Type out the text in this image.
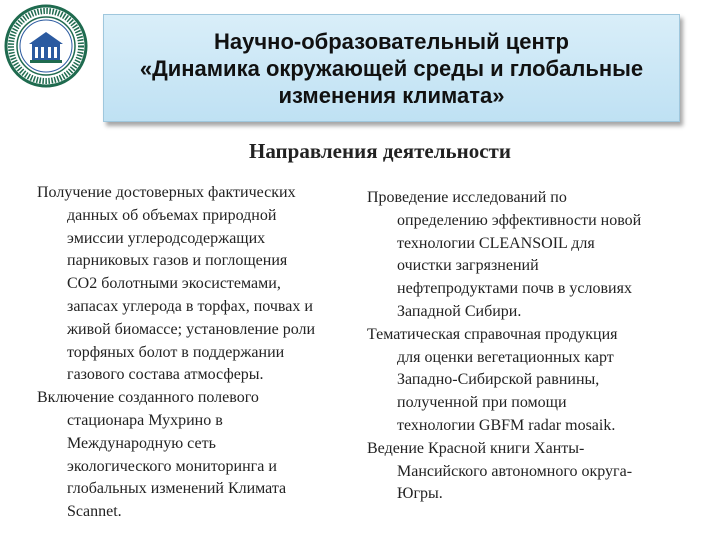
Научно-образовательный центр
«Динамика окружающей среды и глобальные
изменения климата»
Направления деятельности

Получение достоверных фактических
данных об объемах природной
эмиссии углеродсодержащих
парниковых газов и поглощения
СО2 болотными экосистемами,
запасах углерода в торфах, почвах и
живой биомассе; установление роли
торфяных болот в поддержании
газового состава атмосферы.

Включение созданного полевого
стационара Мухрино в
Международную сеть
экологического мониторинга и
глобальных изменений Климата
Scannet.

Проведение исследований по
определению эффективности новой
технологии CLEANSOIL для
очистки загрязнений
нефтепродуктами почв в условиях
Западной Сибири.

Тематическая справочная продукция
для оценки вегетационных карт
Западно-Сибирской равнины,
полученной при помощи
технологии GBFM radar mosaik.

Ведение Красной книги Ханты-
Мансийского автономного округа-
Югры.
